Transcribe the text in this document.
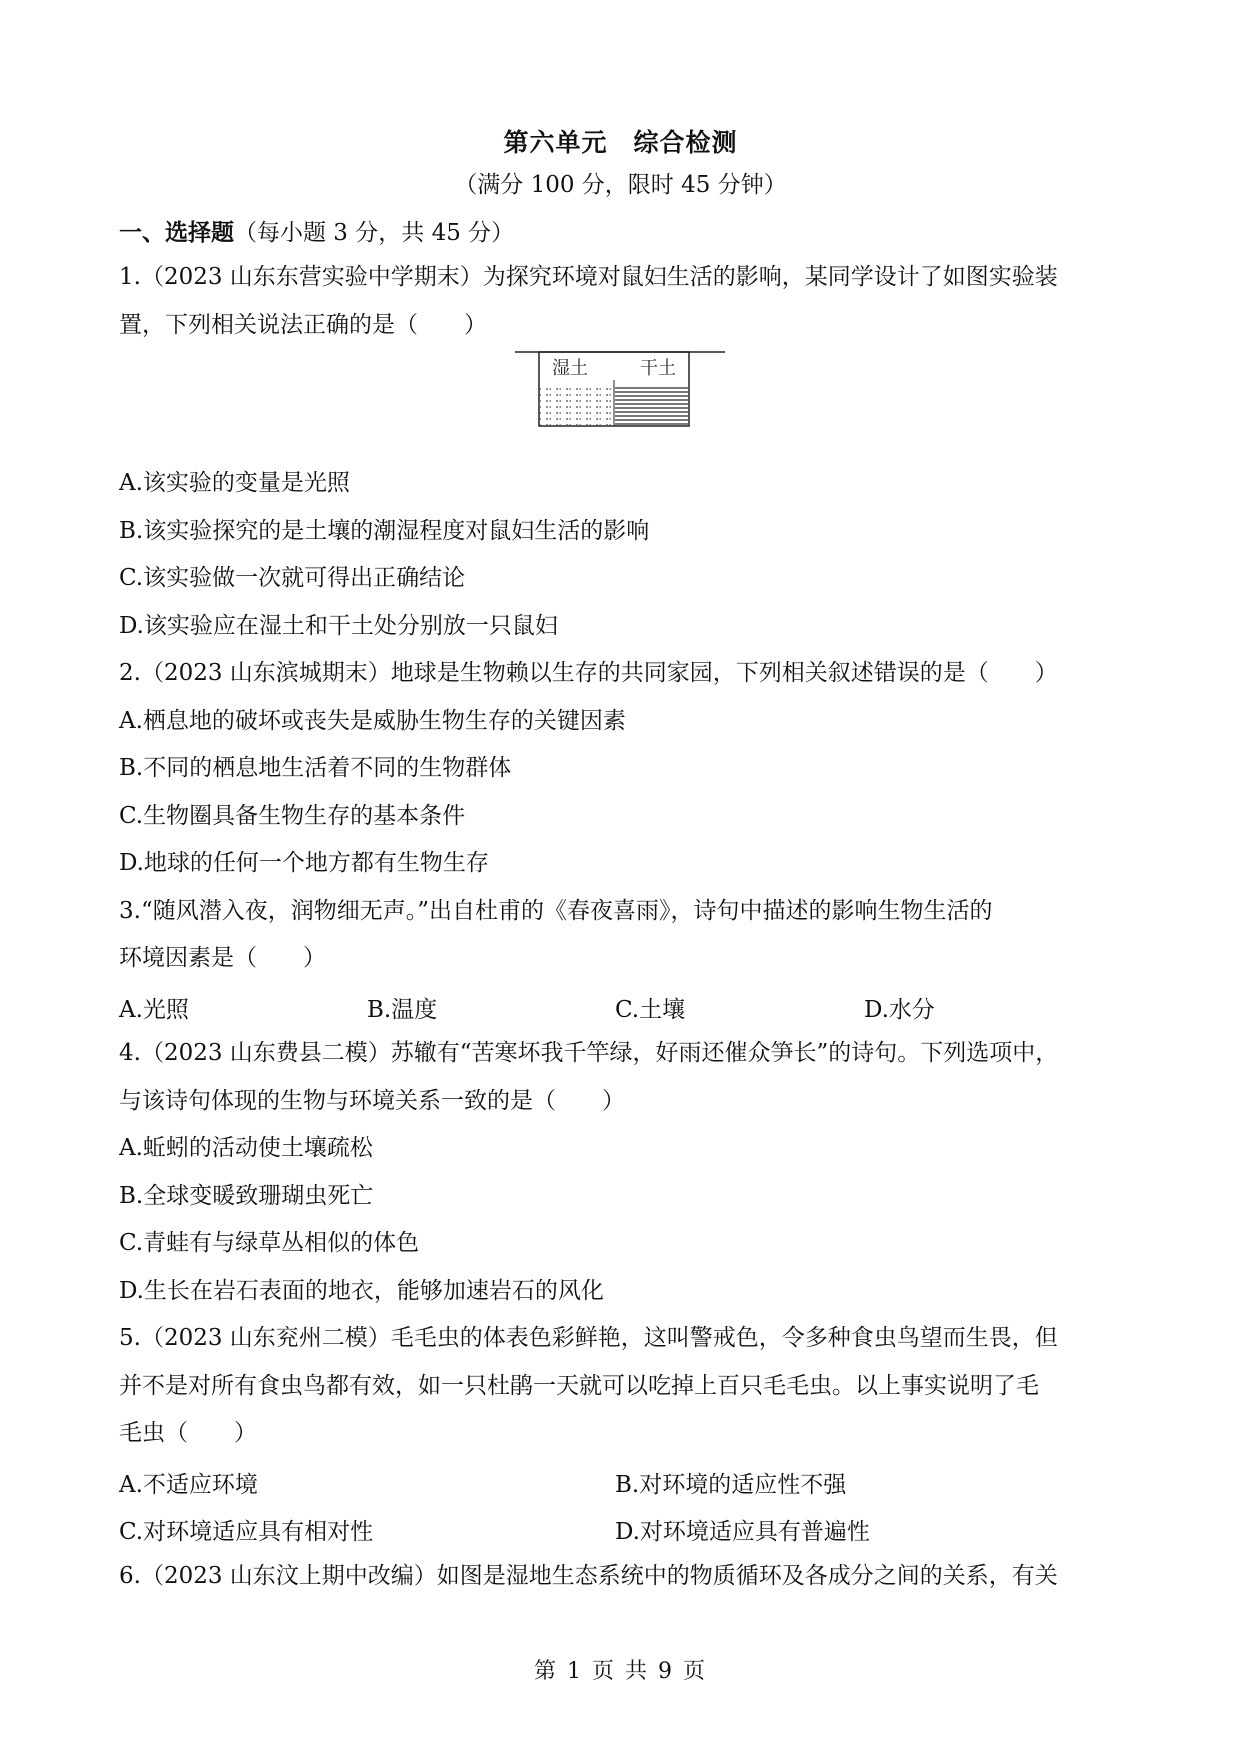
第六单元　综合检测
（满分 100 分，限时 45 分钟）
一、选择题（每小题 3 分，共 45 分）
1.（2023 山东东营实验中学期末）为探究环境对鼠妇生活的影响，某同学设计了如图实验装
置，下列相关说法正确的是（　　）
湿土	干土
A.该实验的变量是光照
B.该实验探究的是土壤的潮湿程度对鼠妇生活的影响
C.该实验做一次就可得出正确结论
D.该实验应在湿土和干土处分别放一只鼠妇
2.（2023 山东滨城期末）地球是生物赖以生存的共同家园，下列相关叙述错误的是（　　）
A.栖息地的破坏或丧失是威胁生物生存的关键因素
B.不同的栖息地生活着不同的生物群体
C.生物圈具备生物生存的基本条件
D.地球的任何一个地方都有生物生存
3.“随风潜入夜，润物细无声。”出自杜甫的《春夜喜雨》，诗句中描述的影响生物生活的
环境因素是（　　）
A.光照	B.温度	C.土壤	D.水分
4.（2023 山东费县二模）苏辙有“苦寒坏我千竿绿，好雨还催众笋长”的诗句。下列选项中，
与该诗句体现的生物与环境关系一致的是（　　）
A.蚯蚓的活动使土壤疏松
B.全球变暖致珊瑚虫死亡
C.青蛙有与绿草丛相似的体色
D.生长在岩石表面的地衣，能够加速岩石的风化
5.（2023 山东兖州二模）毛毛虫的体表色彩鲜艳，这叫警戒色，令多种食虫鸟望而生畏，但
并不是对所有食虫鸟都有效，如一只杜鹃一天就可以吃掉上百只毛毛虫。以上事实说明了毛
毛虫（　　）
A.不适应环境	B.对环境的适应性不强
C.对环境适应具有相对性	D.对环境适应具有普遍性
6.（2023 山东汶上期中改编）如图是湿地生态系统中的物质循环及各成分之间的关系，有关
第 1 页 共 9 页
